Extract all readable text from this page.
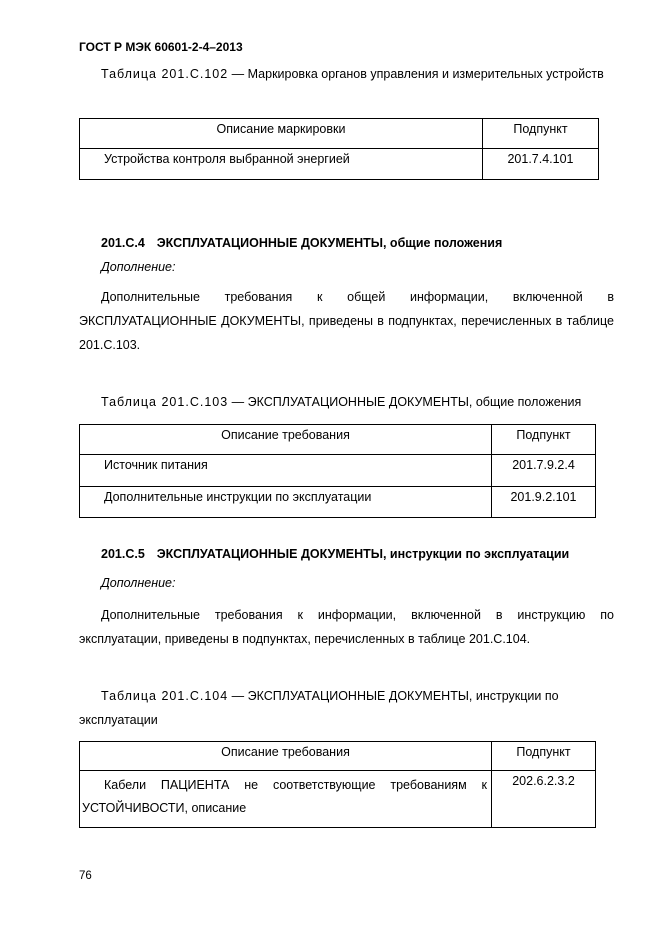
ГОСТ Р МЭК 60601-2-4–2013
Таблица 201.С.102 — Маркировка органов управления и измерительных устройств
Описание маркировки	Подпункт
Устройства контроля выбранной энергией	201.7.4.101
201.С.4 ЭКСПЛУАТАЦИОННЫЕ ДОКУМЕНТЫ, общие положения
Дополнение:
Дополнительные требования к общей информации, включенной в ЭКСПЛУАТАЦИОННЫЕ ДОКУМЕНТЫ, приведены в подпунктах, перечисленных в таблице 201.С.103.
Таблица 201.С.103 — ЭКСПЛУАТАЦИОННЫЕ ДОКУМЕНТЫ, общие положения
Описание требования	Подпункт
Источник питания	201.7.9.2.4
Дополнительные инструкции по эксплуатации	201.9.2.101
201.С.5 ЭКСПЛУАТАЦИОННЫЕ ДОКУМЕНТЫ, инструкции по эксплуатации
Дополнение:
Дополнительные требования к информации, включенной в инструкцию по эксплуатации, приведены в подпунктах, перечисленных в таблице 201.С.104.
Таблица 201.С.104 — ЭКСПЛУАТАЦИОННЫЕ ДОКУМЕНТЫ, инструкции по эксплуатации
Описание требования	Подпункт
Кабели ПАЦИЕНТА не соответствующие требованиям к УСТОЙЧИВОСТИ, описание	202.6.2.3.2
76
